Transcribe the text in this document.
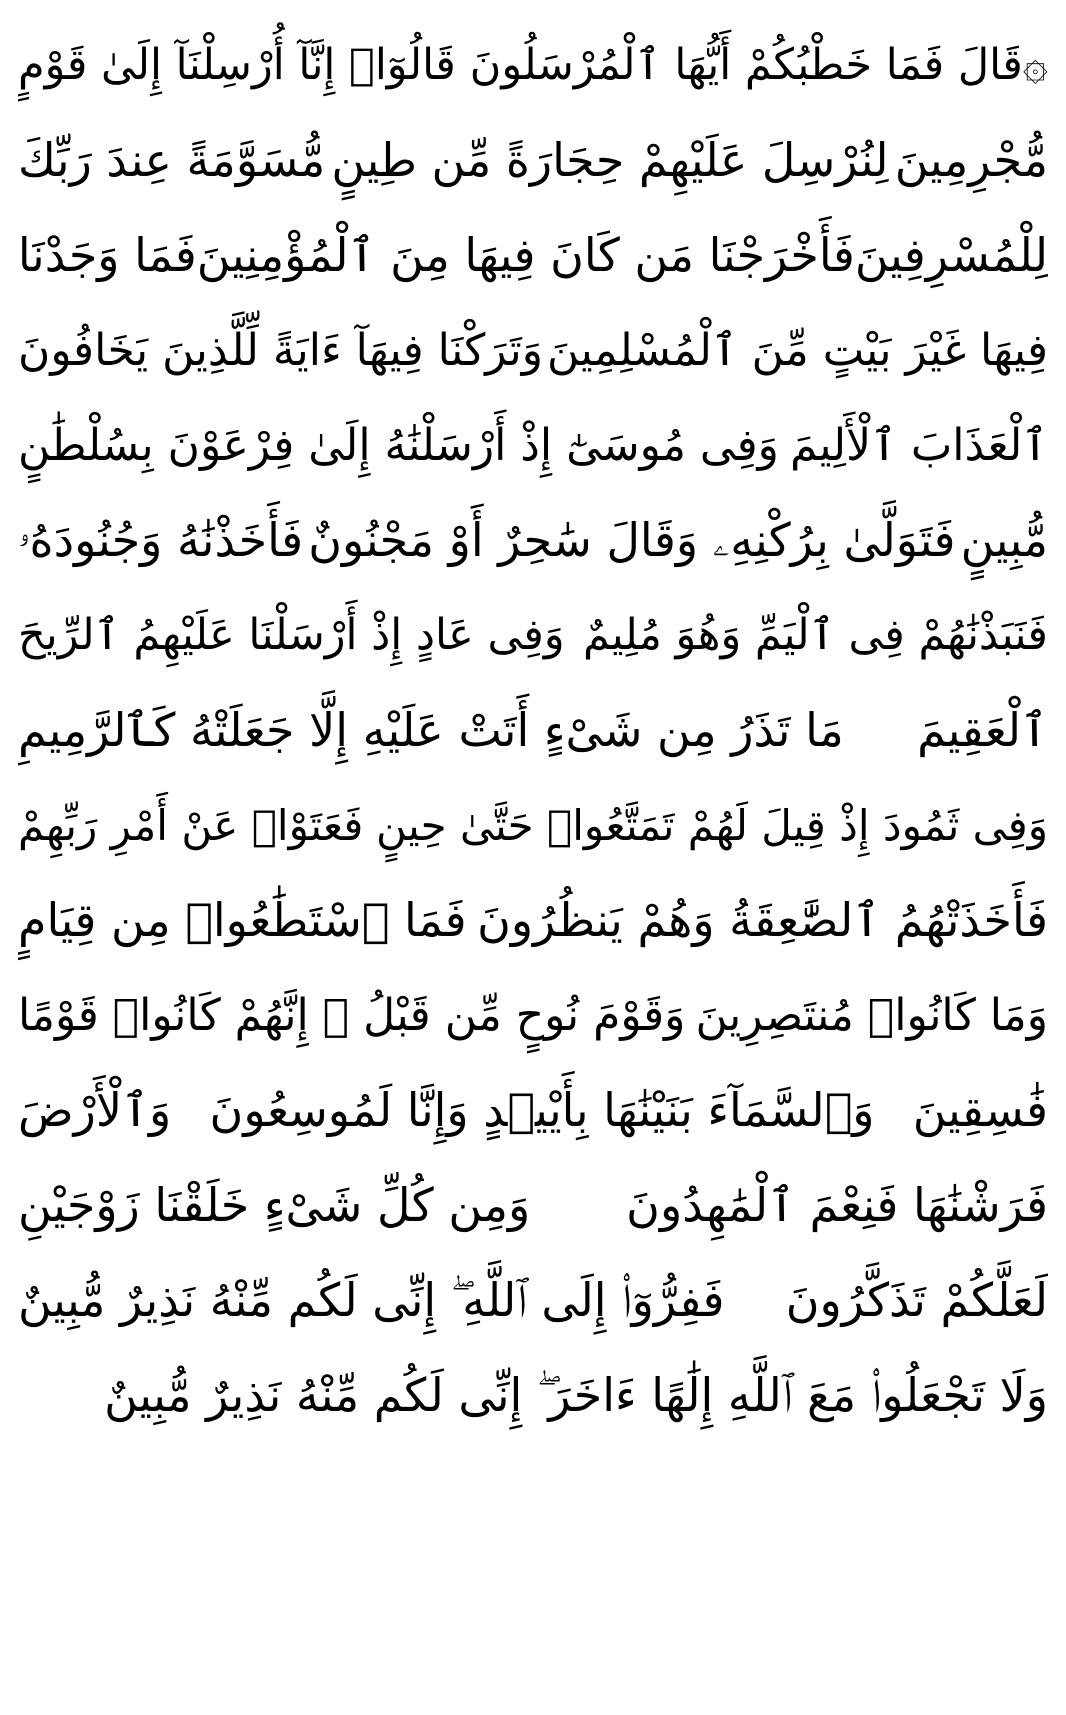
۞قَالَ فَمَا خَطْبُكُمْ أَيُّهَا ٱلْمُرْسَلُونَ
قَالُوٓا۟ إِنَّآ أُرْسِلْنَآ إِلَىٰ قَوْمٍ
مُّجْرِمِينَ
لِنُرْسِلَ عَلَيْهِمْ حِجَارَةً مِّن طِينٍ
مُّسَوَّمَةً عِندَ رَبِّكَ
لِلْمُسْرِفِينَ
فَأَخْرَجْنَا مَن كَانَ فِيهَا مِنَ ٱلْمُؤْمِنِينَ
فَمَا وَجَدْنَا
فِيهَا غَيْرَ بَيْتٍ مِّنَ ٱلْمُسْلِمِينَ
وَتَرَكْنَا فِيهَآ ءَايَةً لِّلَّذِينَ يَخَافُونَ
ٱلْعَذَابَ ٱلْأَلِيمَ
وَفِى مُوسَىٰٓ إِذْ أَرْسَلْنَٰهُ إِلَىٰ فِرْعَوْنَ بِسُلْطَٰنٍ
مُّبِينٍ
فَتَوَلَّىٰ بِرُكْنِهِۦ وَقَالَ سَٰحِرٌ أَوْ مَجْنُونٌ
فَأَخَذْنَٰهُ وَجُنُودَهُۥ
فَنَبَذْنَٰهُمْ فِى ٱلْيَمِّ وَهُوَ مُلِيمٌ
وَفِى عَادٍ إِذْ أَرْسَلْنَا عَلَيْهِمُ ٱلرِّيحَ
ٱلْعَقِيمَ
مَا تَذَرُ مِن شَىْءٍ أَتَتْ عَلَيْهِ إِلَّا جَعَلَتْهُ كَٱلرَّمِيمِ
وَفِى ثَمُودَ إِذْ قِيلَ لَهُمْ تَمَتَّعُوا۟ حَتَّىٰ حِينٍ
فَعَتَوْا۟ عَنْ أَمْرِ رَبِّهِمْ
فَأَخَذَتْهُمُ ٱلصَّٰعِقَةُ وَهُمْ يَنظُرُونَ
فَمَا ٱسْتَطَٰعُوا۟ مِن قِيَامٍ
وَمَا كَانُوا۟ مُنتَصِرِينَ
وَقَوْمَ نُوحٍ مِّن قَبْلُ ۖ إِنَّهُمْ كَانُوا۟ قَوْمًا
فَٰسِقِينَ
وَٱلسَّمَآءَ بَنَيْنَٰهَا بِأَيْي۟دٍ وَإِنَّا لَمُوسِعُونَ
وَٱلْأَرْضَ
فَرَشْنَٰهَا فَنِعْمَ ٱلْمَٰهِدُونَ
وَمِن كُلِّ شَىْءٍ خَلَقْنَا زَوْجَيْنِ
لَعَلَّكُمْ تَذَكَّرُونَ
فَفِرُّوٓا۟ إِلَى ٱللَّهِ ۖ إِنِّى لَكُم مِّنْهُ نَذِيرٌ مُّبِينٌ
وَلَا تَجْعَلُوا۟ مَعَ ٱللَّهِ إِلَٰهًا ءَاخَرَ ۖ إِنِّى لَكُم مِّنْهُ نَذِيرٌ مُّبِينٌ
